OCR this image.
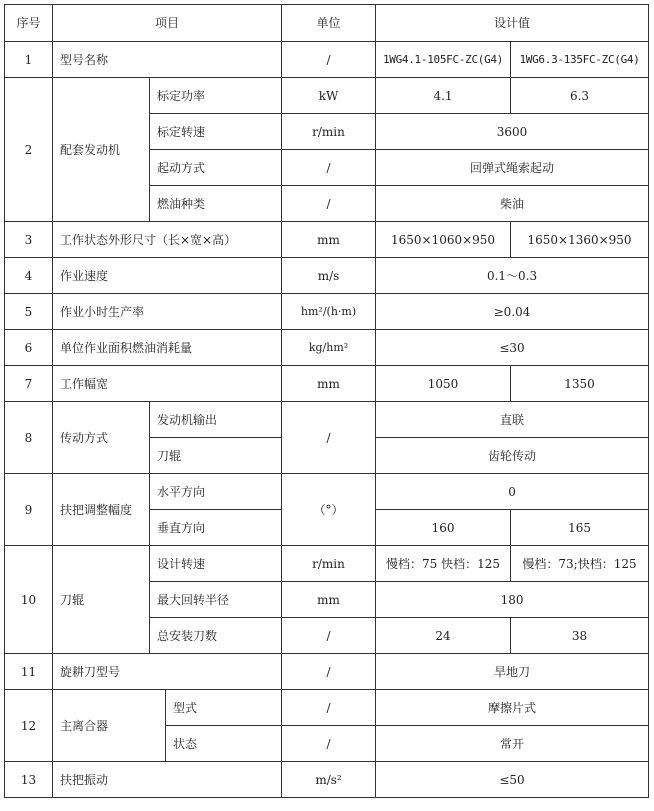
序号	项目			单位	设计值	
1	型号名称			/	1WG4.1-105FC-ZC(G4)	1WG6.3-135FC-ZC(G4)
2	配套发动机	标定功率		kW	4.1	6.3
		标定转速		r/min	3600	
		起动方式		/	回弹式绳索起动	
		燃油种类		/	柴油	
3	工作状态外形尺寸（长×宽×高）			mm	1650×1060×950	1650×1360×950
4	作业速度			m/s	0.1～0.3	
5	作业小时生产率			hm²/(h·m)	≥0.04	
6	单位作业面积燃油消耗量			kg/hm²	≤30	
7	工作幅宽			mm	1050	1350
8	传动方式	发动机输出		/	直联	
		刀辊			齿轮传动	
9	扶把调整幅度	水平方向		（°）	0	
		垂直方向			160	165
10	刀辊	设计转速		r/min	慢档：75 快档：125	慢档：73;快档：125
		最大回转半径		mm	180	
		总安装刀数		/	24	38
11	旋耕刀型号			/	旱地刀	
12	主离合器		型式	/	摩擦片式	
			状态	/	常开	
13	扶把振动			m/s²	≤50	
